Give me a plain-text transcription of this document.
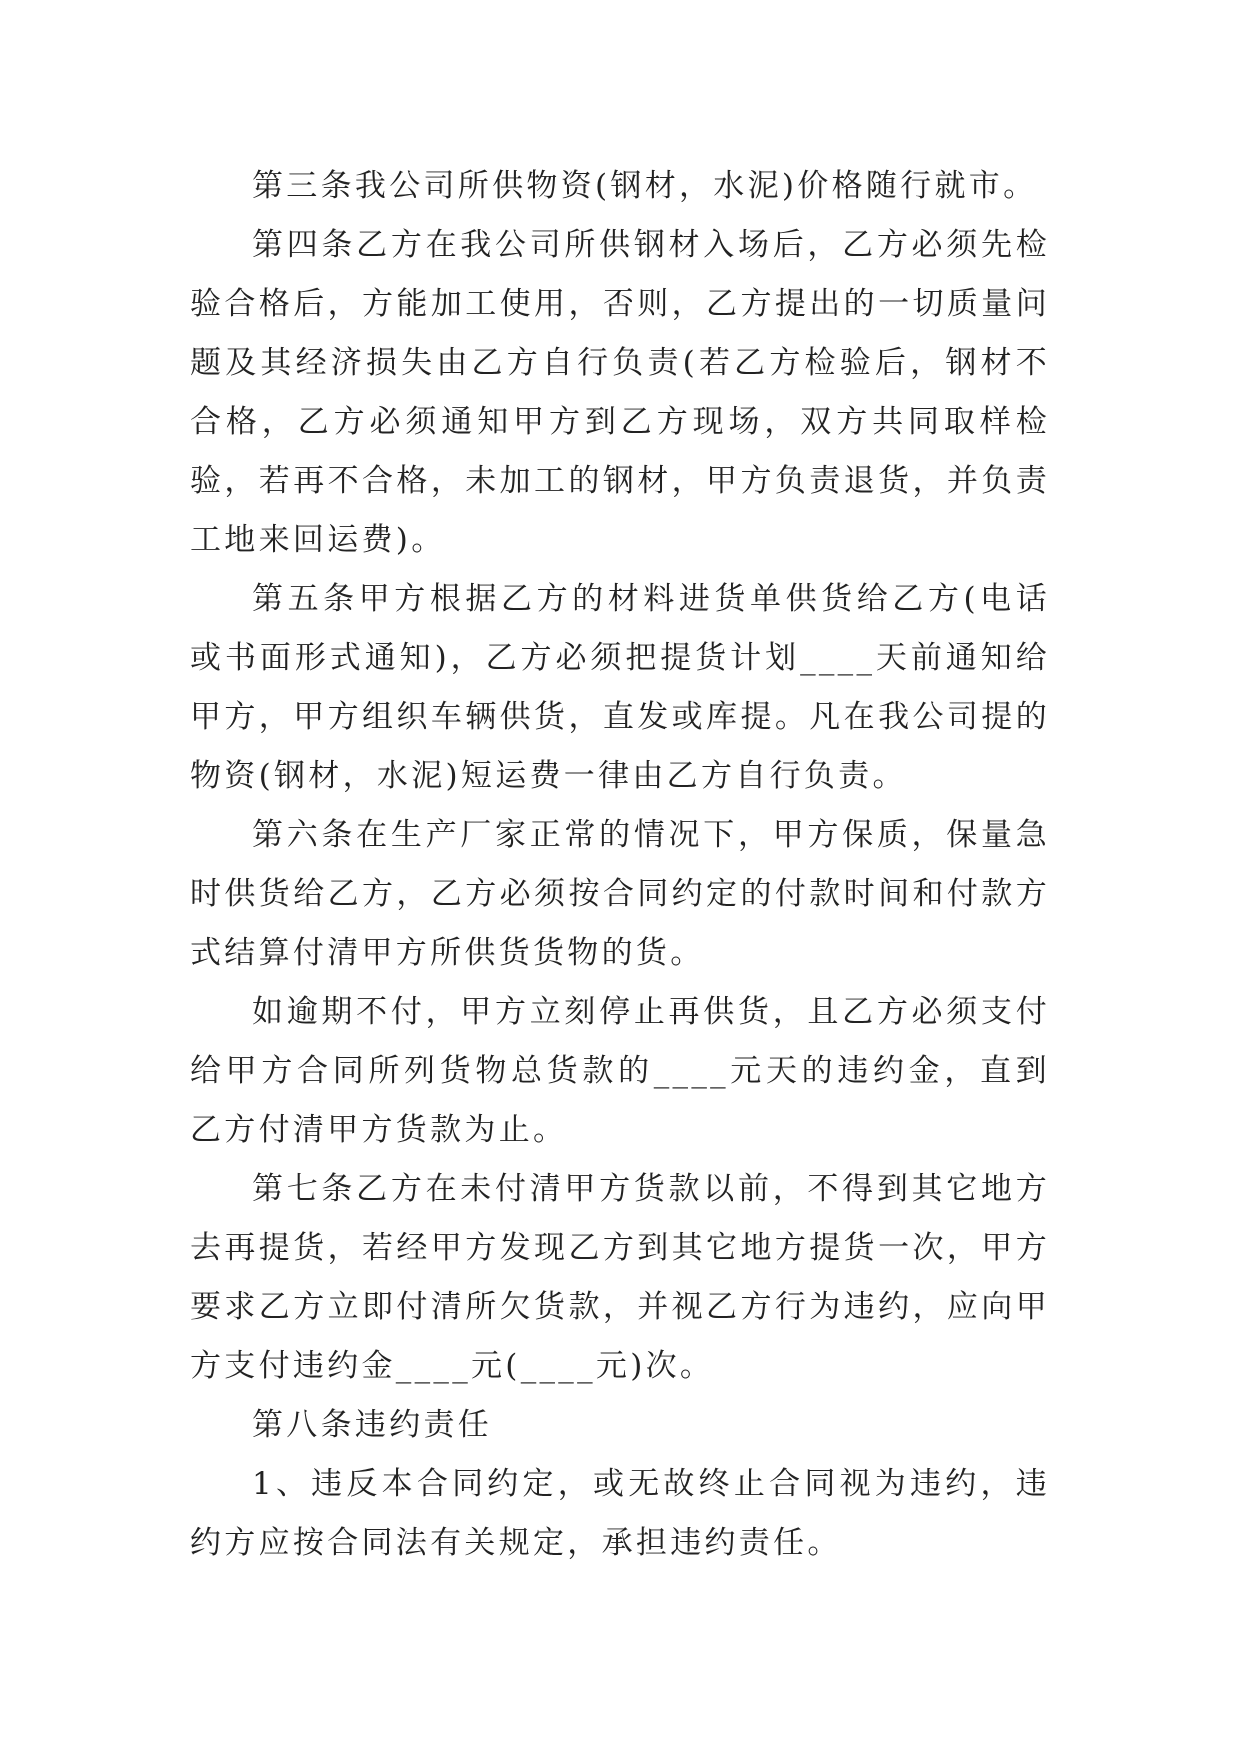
第三条我公司所供物资(钢材，水泥)价格随行就市。

第四条乙方在我公司所供钢材入场后，乙方必须先检验合格后，方能加工使用，否则，乙方提出的一切质量问题及其经济损失由乙方自行负责(若乙方检验后，钢材不合格，乙方必须通知甲方到乙方现场，双方共同取样检验，若再不合格，未加工的钢材，甲方负责退货，并负责工地来回运费)。

第五条甲方根据乙方的材料进货单供货给乙方(电话或书面形式通知)，乙方必须把提货计划____天前通知给甲方，甲方组织车辆供货，直发或库提。凡在我公司提的物资(钢材，水泥)短运费一律由乙方自行负责。

第六条在生产厂家正常的情况下，甲方保质，保量急时供货给乙方，乙方必须按合同约定的付款时间和付款方式结算付清甲方所供货货物的货。

如逾期不付，甲方立刻停止再供货，且乙方必须支付给甲方合同所列货物总货款的____元天的违约金，直到乙方付清甲方货款为止。

第七条乙方在未付清甲方货款以前，不得到其它地方去再提货，若经甲方发现乙方到其它地方提货一次，甲方要求乙方立即付清所欠货款，并视乙方行为违约，应向甲方支付违约金____元(____元)次。

第八条违约责任

1、违反本合同约定，或无故终止合同视为违约，违约方应按合同法有关规定，承担违约责任。
